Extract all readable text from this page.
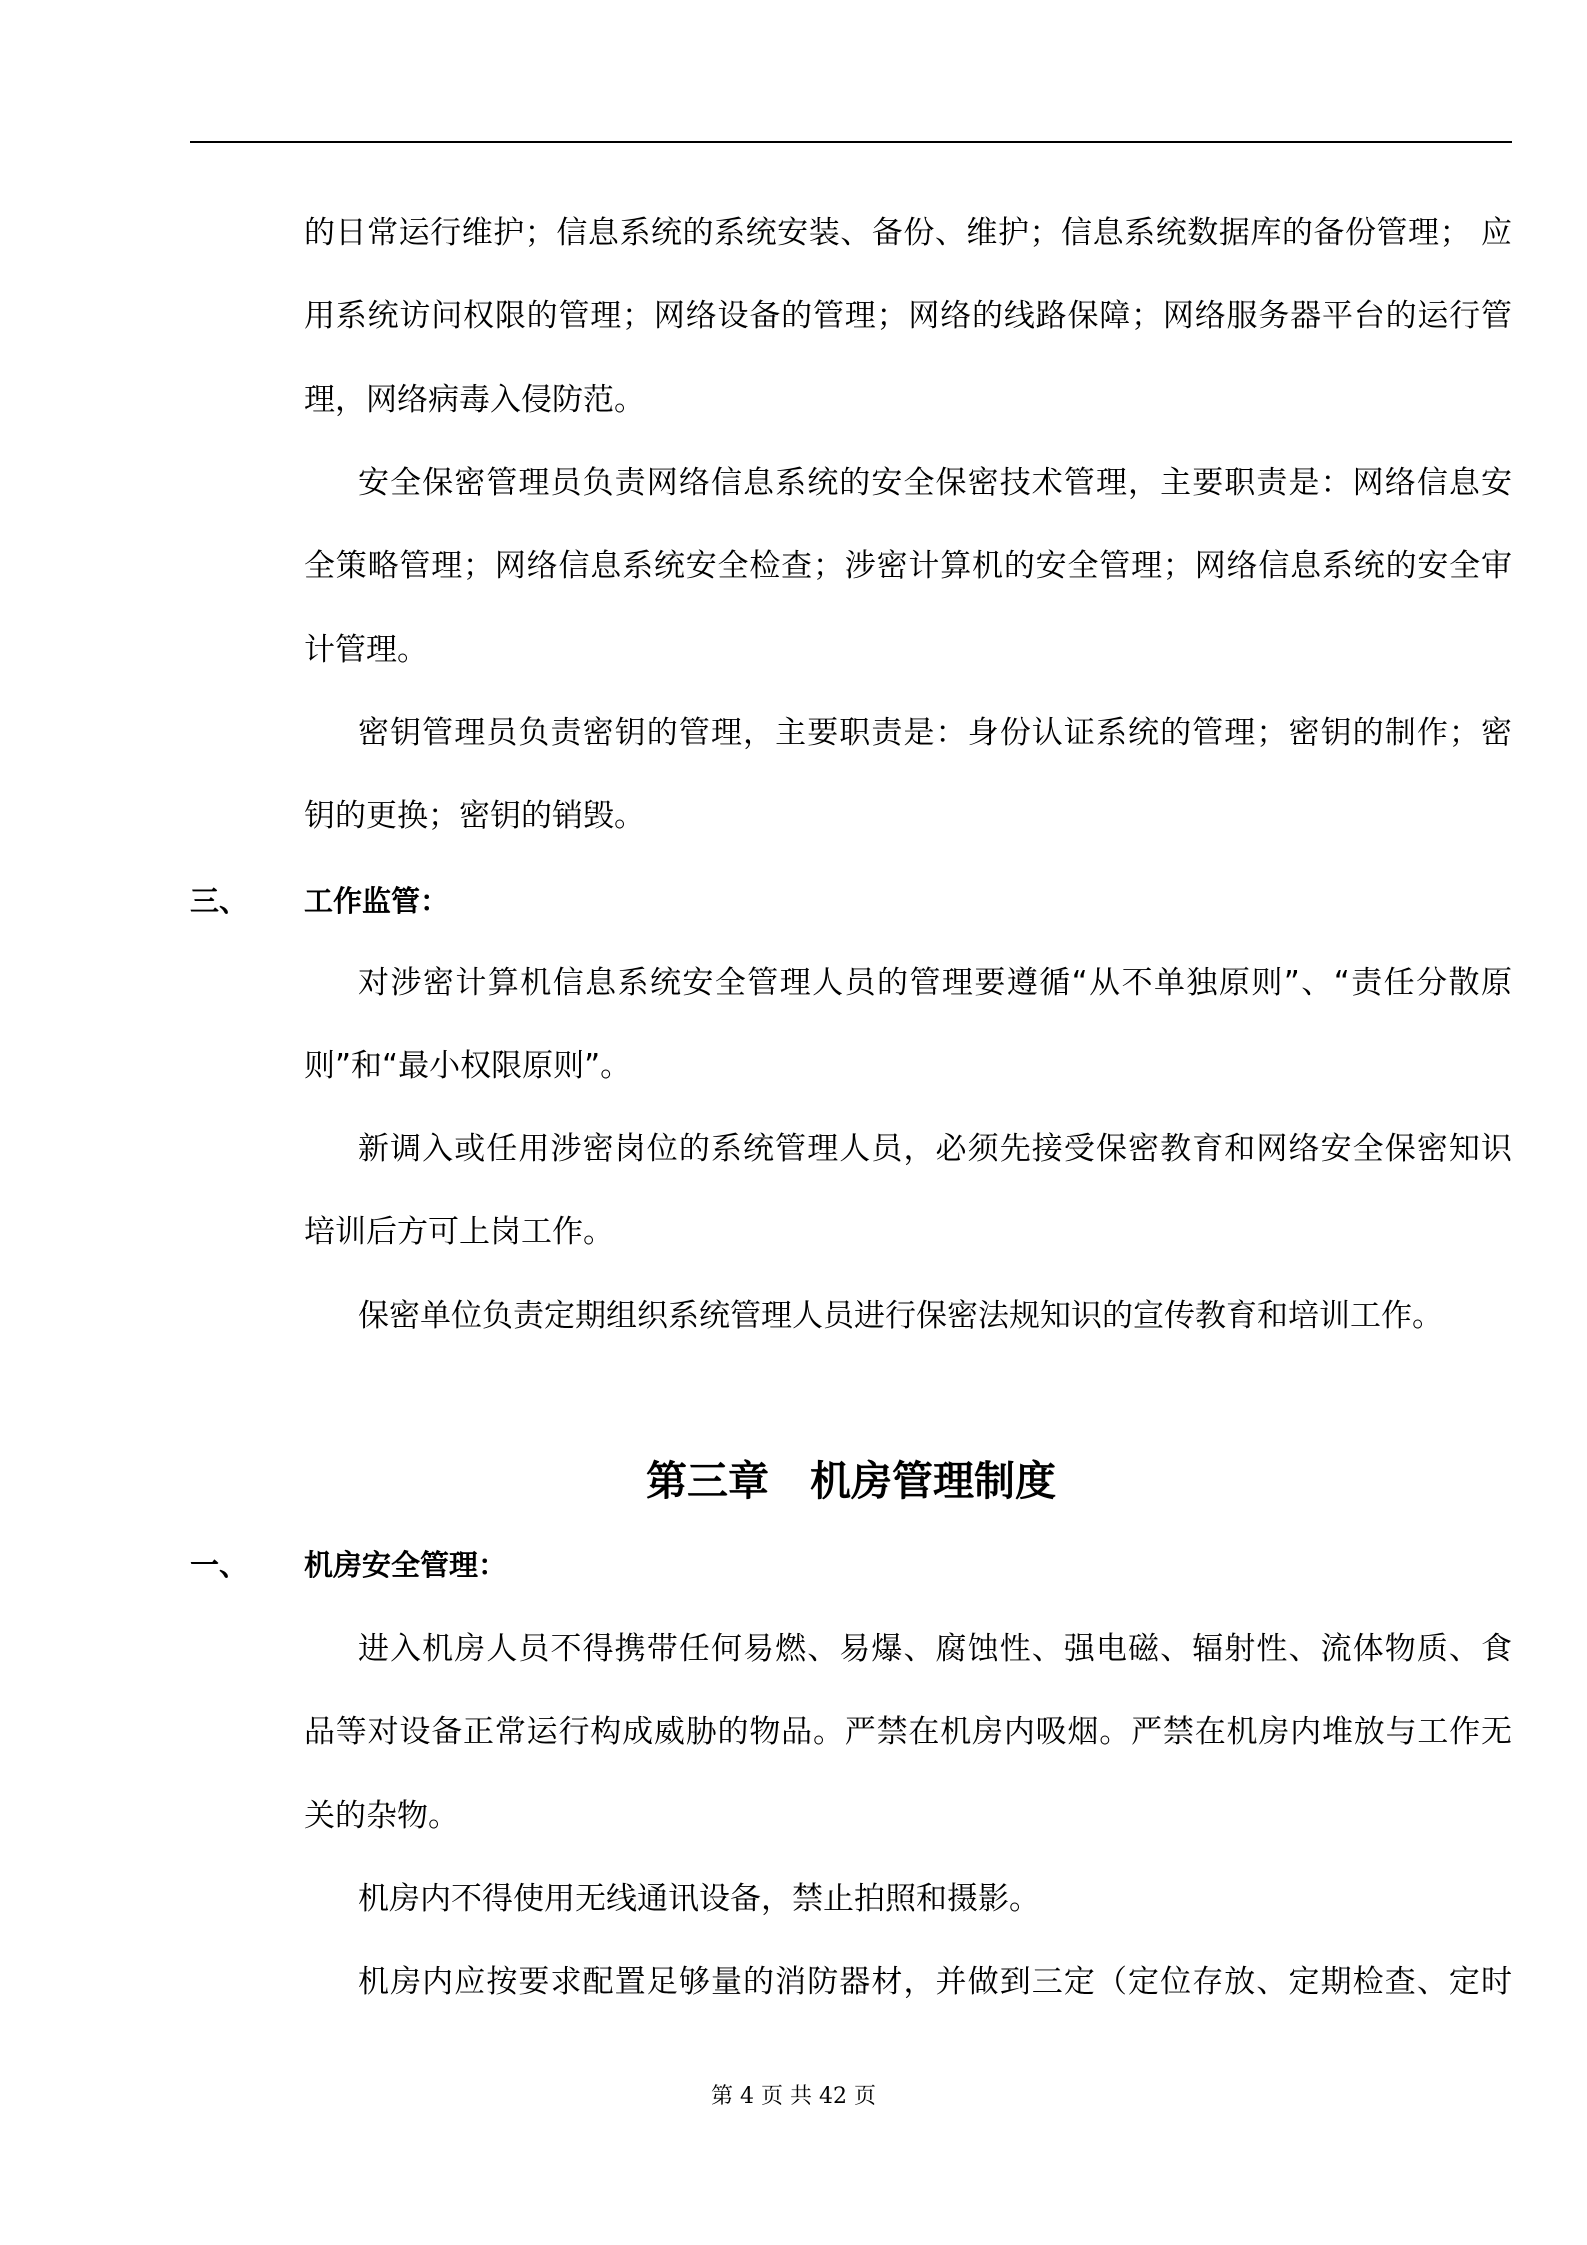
的日常运行维护；信息系统的系统安装、备份、维护；信息系统数据库的备份管理； 应
用系统访问权限的管理；网络设备的管理；网络的线路保障；网络服务器平台的运行管
理，网络病毒入侵防范。
安全保密管理员负责网络信息系统的安全保密技术管理，主要职责是：网络信息安
全策略管理；网络信息系统安全检查；涉密计算机的安全管理；网络信息系统的安全审
计管理。
密钥管理员负责密钥的管理，主要职责是：身份认证系统的管理；密钥的制作；密
钥的更换；密钥的销毁。
三、 工作监管：
对涉密计算机信息系统安全管理人员的管理要遵循“从不单独原则”、“责任分散原
则”和“最小权限原则”。
新调入或任用涉密岗位的系统管理人员，必须先接受保密教育和网络安全保密知识
培训后方可上岗工作。
保密单位负责定期组织系统管理人员进行保密法规知识的宣传教育和培训工作。
第三章　机房管理制度
一、 机房安全管理：
进入机房人员不得携带任何易燃、易爆、腐蚀性、强电磁、辐射性、流体物质、食
品等对设备正常运行构成威胁的物品。严禁在机房内吸烟。严禁在机房内堆放与工作无
关的杂物。
机房内不得使用无线通讯设备，禁止拍照和摄影。
机房内应按要求配置足够量的消防器材，并做到三定（定位存放、定期检查、定时
第 4 页 共 42 页
